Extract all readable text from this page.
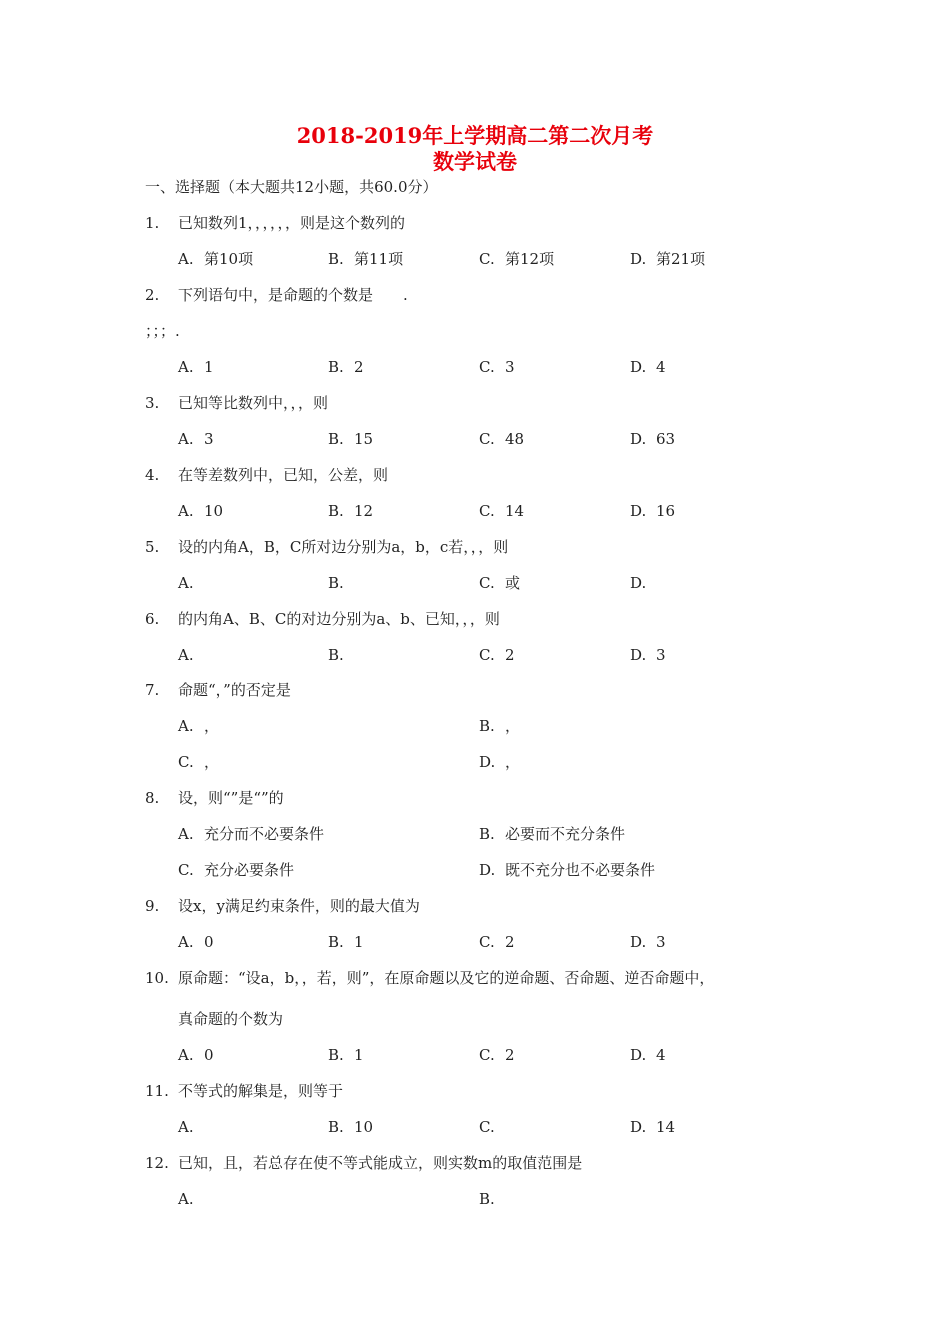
2018-2019年上学期高二第二次月考
数学试卷
一、选择题（本大题共12小题，共60.0分）
1. 已知数列1，，，，，，则是这个数列的
A. 第10项	B. 第11项	C. 第12项	D. 第21项
2. 下列语句中，是命题的个数是　　.
；；；.
A. 1	B. 2	C. 3	D. 4
3. 已知等比数列中，，，则
A. 3	B. 15	C. 48	D. 63
4. 在等差数列中，已知，公差，则
A. 10	B. 12	C. 14	D. 16
5. 设的内角A，B，C所对边分别为a，b，c若，，，则
A.	B.	C. 或	D.
6. 的内角A、B、C的对边分别为a、b、已知，，，则
A.	B.	C. 2	D. 3
7. 命题“，”的否定是
A. ，	B. ，
C. ，	D. ，
8. 设，则“”是“”的
A. 充分而不必要条件	B. 必要而不充分条件
C. 充分必要条件	D. 既不充分也不必要条件
9. 设x，y满足约束条件，则的最大值为
A. 0	B. 1	C. 2	D. 3
10. 原命题：“设a，b，，若，则”，在原命题以及它的逆命题、否命题、逆否命题中，
真命题的个数为
A. 0	B. 1	C. 2	D. 4
11. 不等式的解集是，则等于
A.	B. 10	C.	D. 14
12. 已知，且，若总存在使不等式能成立，则实数m的取值范围是
A.	B.
